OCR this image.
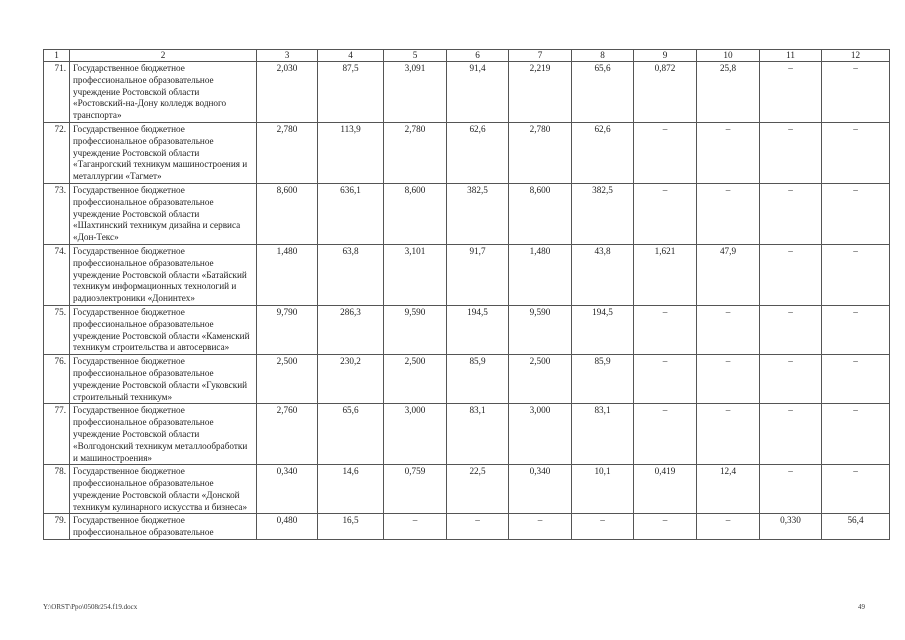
1	2	3	4	5	6	7	8	9	10	11	12
71.	Государственное бюджетное профессиональное образовательное учреждение Ростовской области «Ростовский-на-Дону колледж водного транспорта»	2,030	87,5	3,091	91,4	2,219	65,6	0,872	25,8	–	–
72.	Государственное бюджетное профессиональное образовательное учреждение Ростовской области «Таганрогский техникум машиностроения и металлургии «Тагмет»	2,780	113,9	2,780	62,6	2,780	62,6	–	–	–	–
73.	Государственное бюджетное профессиональное образовательное учреждение Ростовской области «Шахтинский техникум дизайна и сервиса «Дон-Текс»	8,600	636,1	8,600	382,5	8,600	382,5	–	–	–	–
74.	Государственное бюджетное профессиональное образовательное учреждение Ростовской области «Батайский техникум информационных технологий и радиоэлектроники «Донинтех»	1,480	63,8	3,101	91,7	1,480	43,8	1,621	47,9	–	–
75.	Государственное бюджетное профессиональное образовательное учреждение Ростовской области «Каменский техникум строительства и автосервиса»	9,790	286,3	9,590	194,5	9,590	194,5	–	–	–	–
76.	Государственное бюджетное профессиональное образовательное учреждение Ростовской области «Гуковский строительный техникум»	2,500	230,2	2,500	85,9	2,500	85,9	–	–	–	–
77.	Государственное бюджетное профессиональное образовательное учреждение Ростовской области «Волгодонский техникум металлообработки и машиностроения»	2,760	65,6	3,000	83,1	3,000	83,1	–	–	–	–
78.	Государственное бюджетное профессиональное образовательное учреждение Ростовской области «Донской техникум кулинарного искусства и бизнеса»	0,340	14,6	0,759	22,5	0,340	10,1	0,419	12,4	–	–
79.	Государственное бюджетное профессиональное образовательное	0,480	16,5	–	–	–	–	–	–	0,330	56,4
Y:\ORST\Ppo\0508r254.f19.docx	49
